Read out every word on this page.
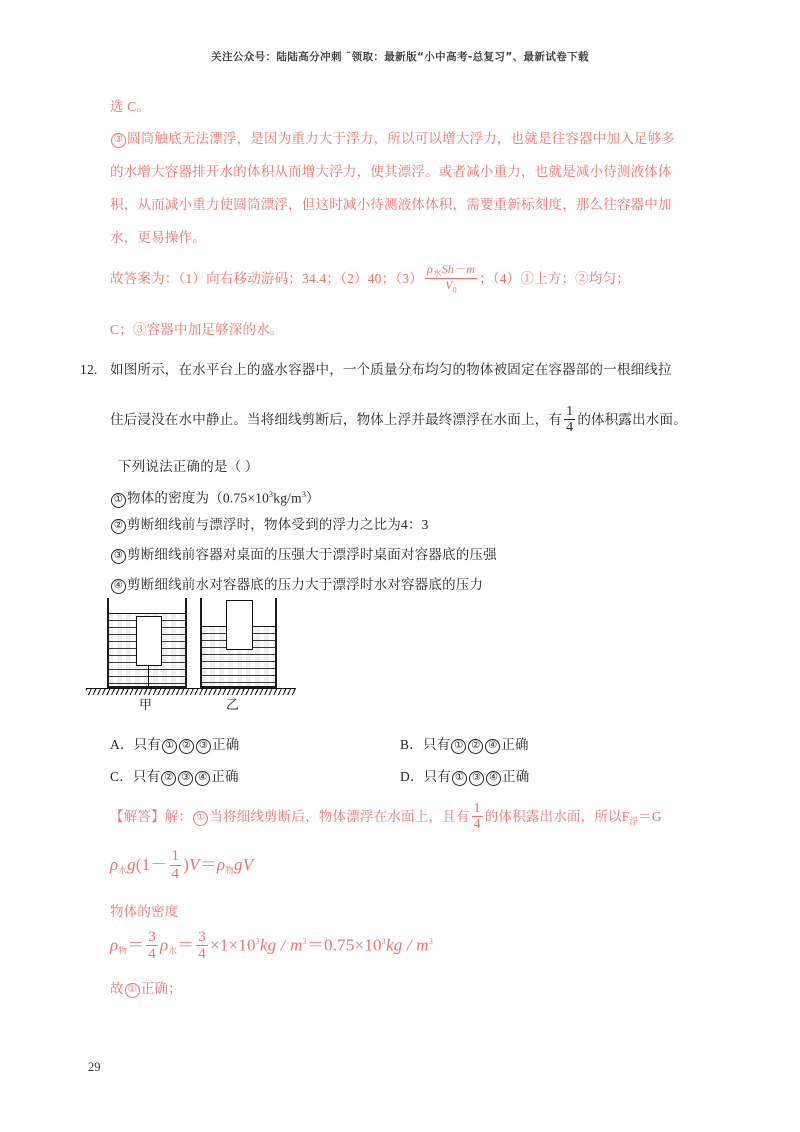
关注公众号：陆陆高分冲刺 ˜领取：最新版“小中高考-总复习”、最新试卷下载
选 C。
③ 圆筒触底无法漂浮，是因为重力大于浮力，所以可以增大浮力，也就是往容器中加入足够多
的水增大容器排开水的体积从而增大浮力，使其漂浮。或者减小重力，也就是减小待测液体体
积，从而减小重力使圆筒漂浮，但这时减小待测液体体积，需要重新标刻度，那么往容器中加
水，更易操作。
故答案为：（1）向右移动游码；34.4；（2）40；$(3) \frac{\rho_水Sh-m}{V_0}$ ；（4）①上方；②均匀；
C；③容器中加足够深的水。
12. 如图所示，在水平台上的盛水容器中，一个质量分布均匀的物体被固定在容器部的一根细线拉
住后浸没在水中静止。当将细线剪断后，物体上浮并最终漂浮在水面上，有 $\frac{1}{4}$ 的体积露出水面。
下列说法正确的是（ ）
① 物体的密度为$(0.75\times 10^3kg/m^3)$
② 剪断细线前与漂浮时，物体受到的浮力之比为4：3
③ 剪断细线前容器对桌面的压强大于漂浮时桌面对容器底的压强
④ 剪断细线前水对容器底的压力大于漂浮时水对容器底的压力
甲	乙
A．只有 ① ② ③ 正确	B．只有 ① ② ④ 正确
C．只有 ② ③ ④ 正确	D．只有 ① ③ ④ 正确
【解答】解： ① 当将细线剪断后，物体漂浮在水面上，且有 $\frac{1}{4}$ 的体积露出水面，所以$F_浮=G$
ρ水$g(1- \frac{1}{4} )V=\rho$物gV
物体的密度
ρ物＝ $\frac{3}{4}$ ρ水＝ $\frac{3}{4} \times 1\times 10^3kg / m^3=0.75\times 10^3kg / m^3$
故 ① 正确；
29
